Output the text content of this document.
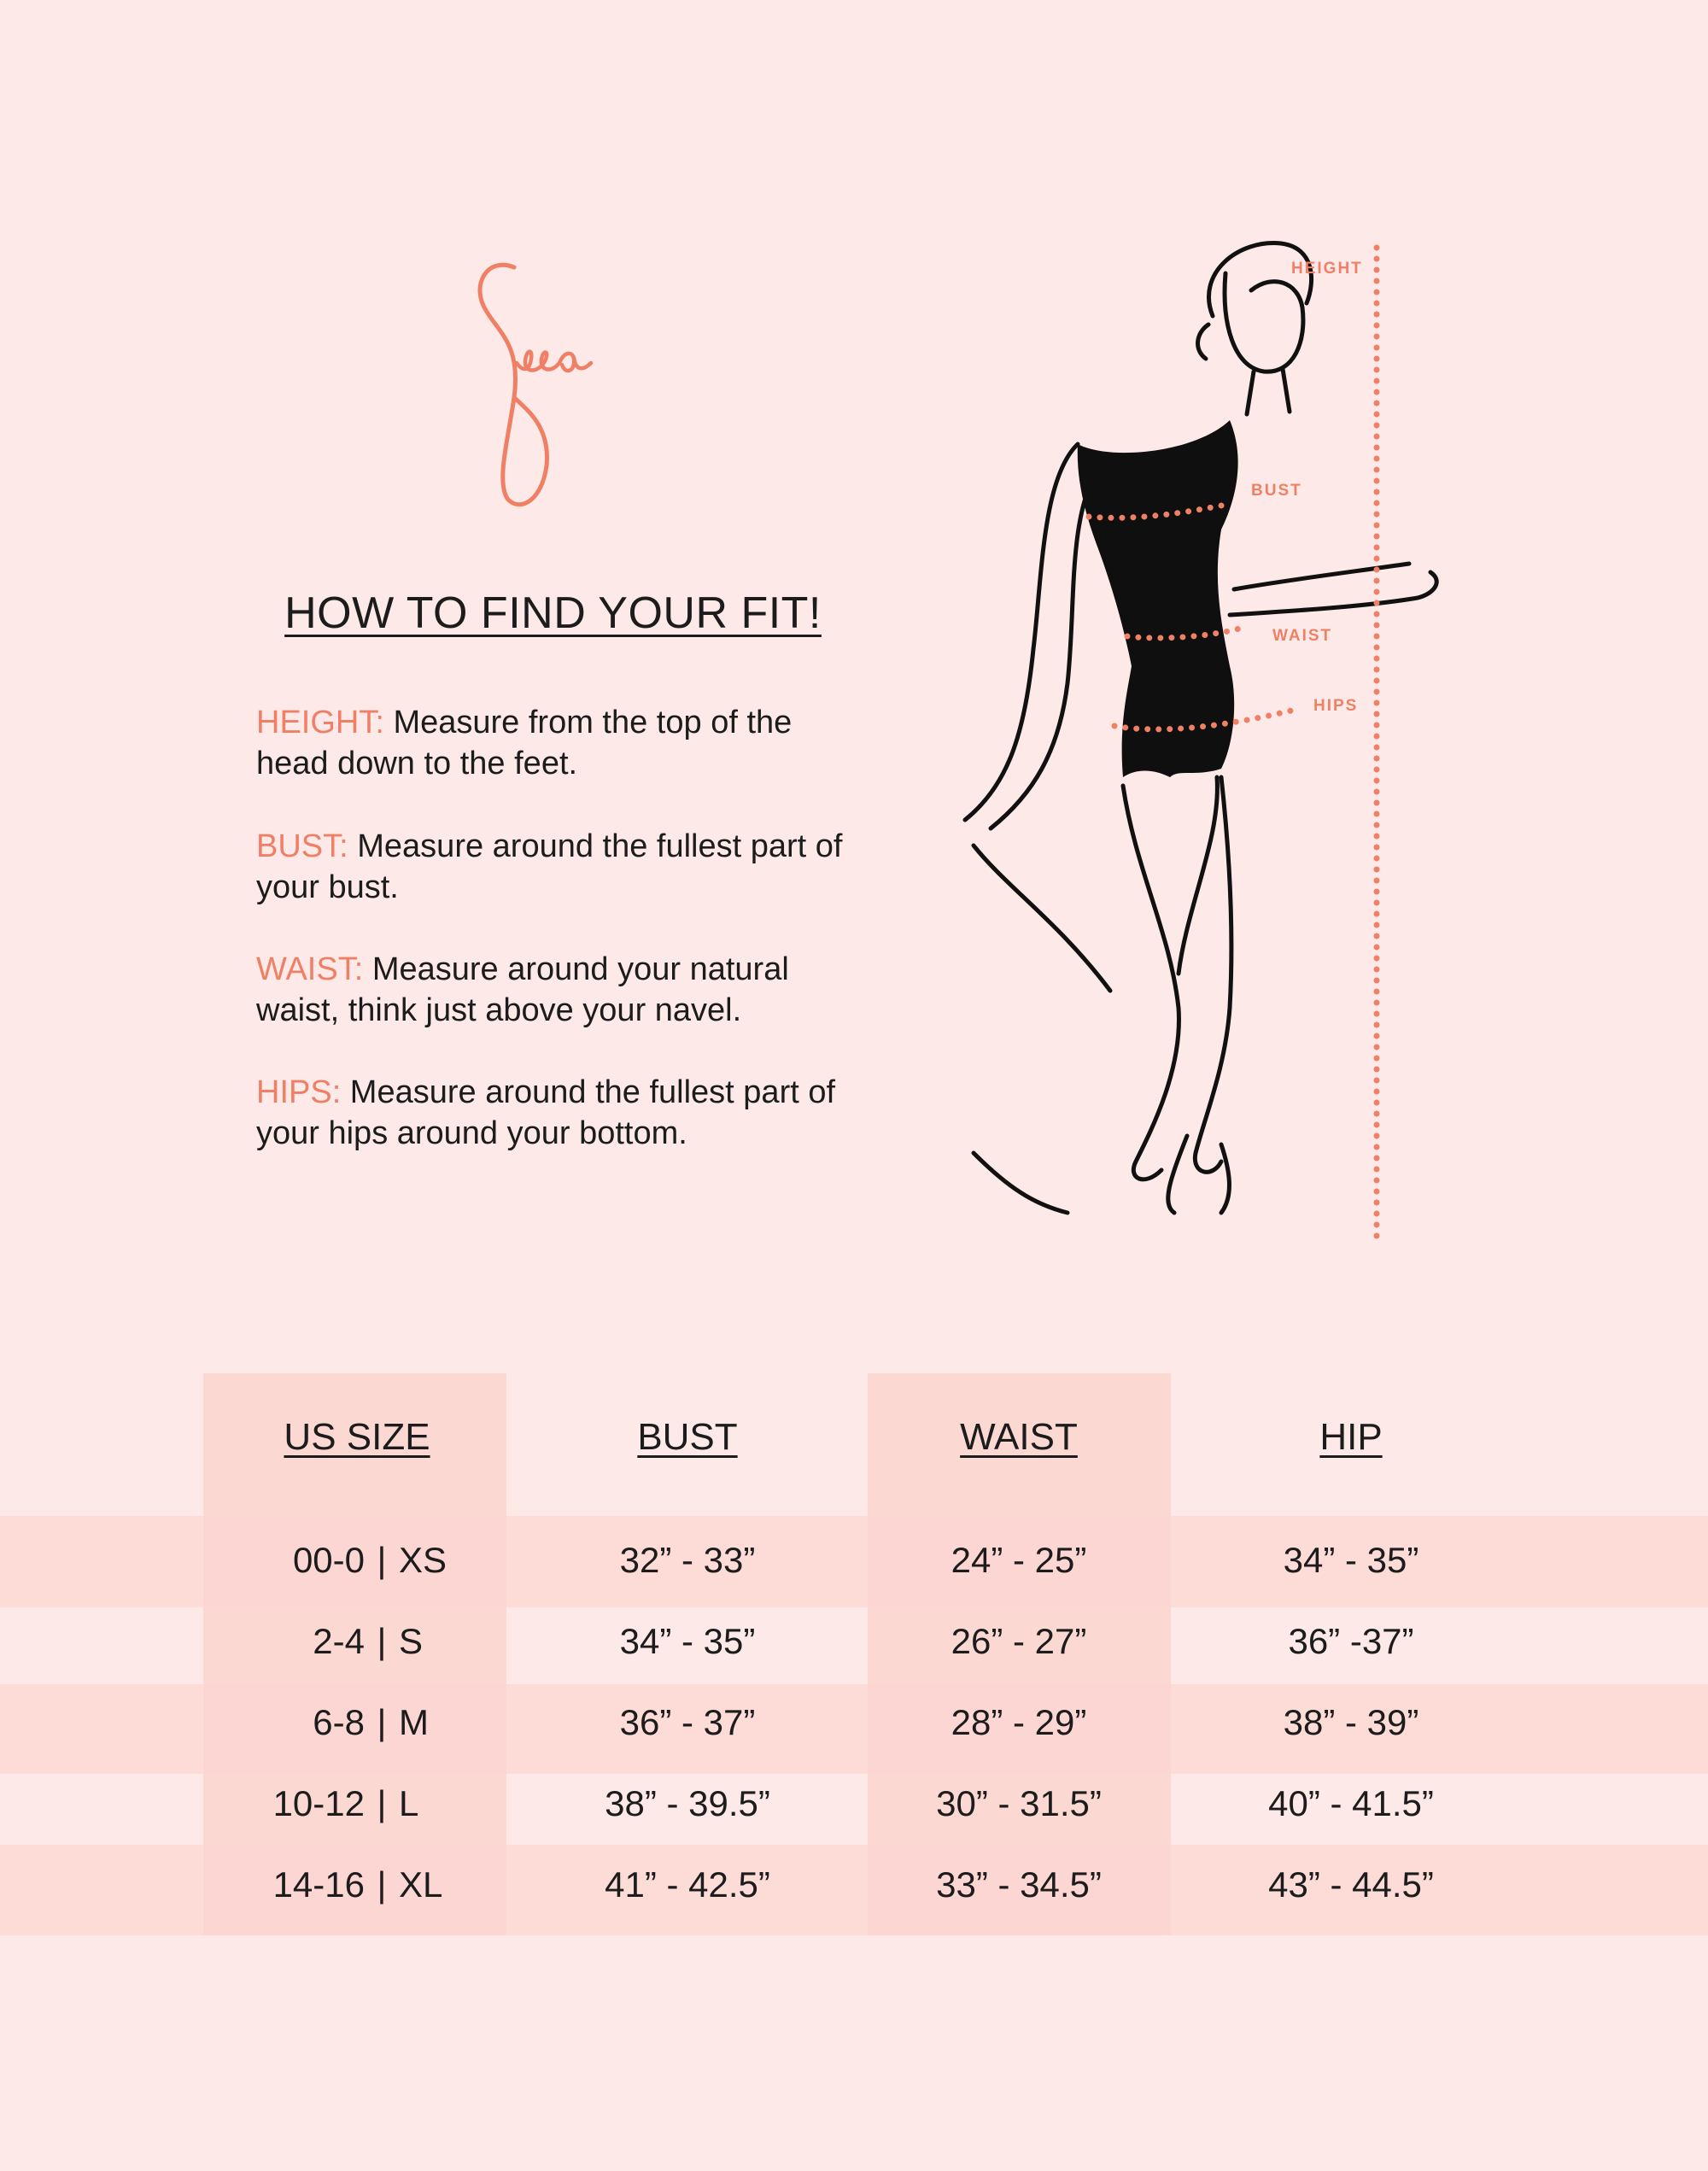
HOW TO FIND YOUR FIT!
HEIGHT: Measure from the top of the head down to the feet.
BUST: Measure around the fullest part of your bust.
WAIST: Measure around your natural waist, think just above your navel.
HIPS: Measure around the fullest part of your hips around your bottom.
HEIGHT
BUST
WAIST
HIPS
US SIZE	BUST	WAIST	HIP
00-0 | XS	32” - 33”	24” - 25”	34” - 35”
2-4 | S	34” - 35”	26” - 27”	36” -37”
6-8 | M	36” - 37”	28” - 29”	38” - 39”
10-12 | L	38” - 39.5”	30” - 31.5”	40” - 41.5”
14-16 | XL	41” - 42.5”	33” - 34.5”	43” - 44.5”
